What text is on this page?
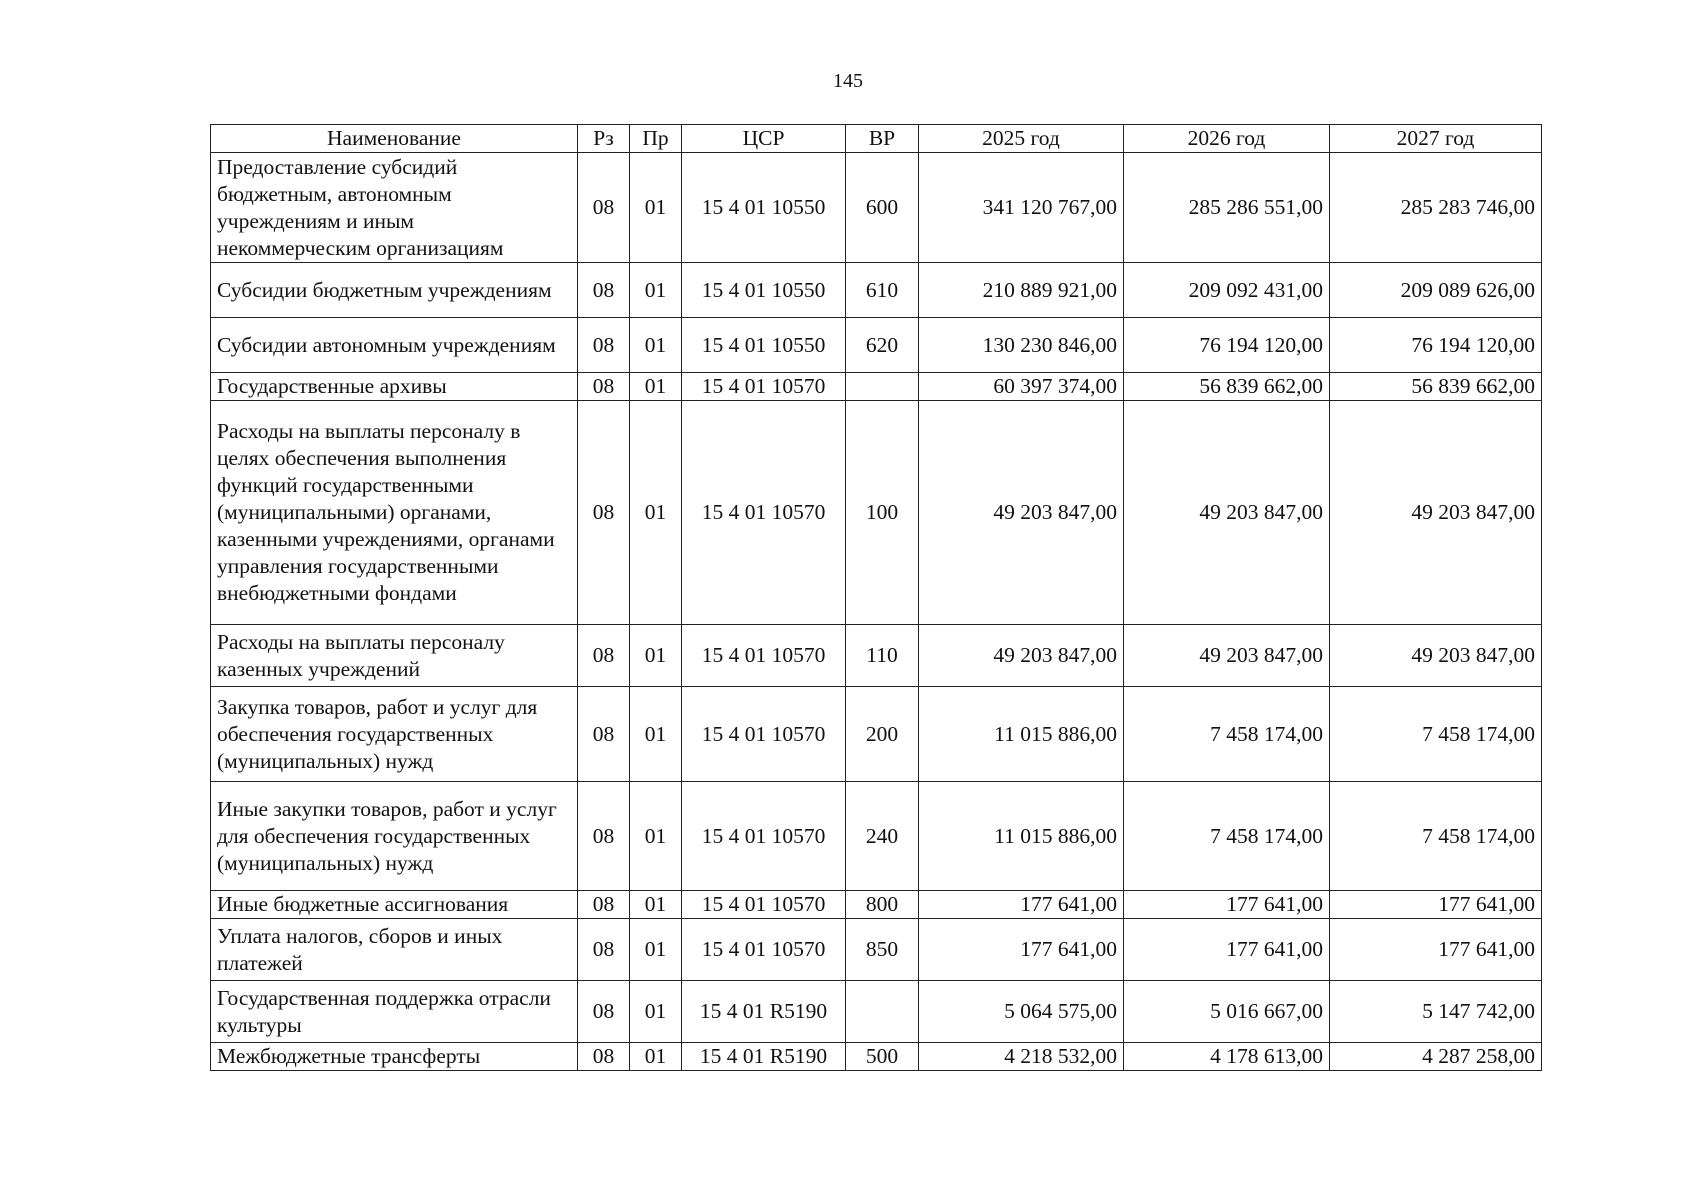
145
Наименование	Рз	Пр	ЦСР	ВР	2025 год	2026 год	2027 год
Предоставление субсидий бюджетным, автономным учреждениям и иным некоммерческим организациям	08	01	15 4 01 10550	600	341 120 767,00	285 286 551,00	285 283 746,00
Субсидии бюджетным учреждениям	08	01	15 4 01 10550	610	210 889 921,00	209 092 431,00	209 089 626,00
Субсидии автономным учреждениям	08	01	15 4 01 10550	620	130 230 846,00	76 194 120,00	76 194 120,00
Государственные архивы	08	01	15 4 01 10570		60 397 374,00	56 839 662,00	56 839 662,00
Расходы на выплаты персоналу в целях обеспечения выполнения функций государственными (муниципальными) органами, казенными учреждениями, органами управления государственными внебюджетными фондами	08	01	15 4 01 10570	100	49 203 847,00	49 203 847,00	49 203 847,00
Расходы на выплаты персоналу казенных учреждений	08	01	15 4 01 10570	110	49 203 847,00	49 203 847,00	49 203 847,00
Закупка товаров, работ и услуг для обеспечения государственных (муниципальных) нужд	08	01	15 4 01 10570	200	11 015 886,00	7 458 174,00	7 458 174,00
Иные закупки товаров, работ и услуг для обеспечения государственных (муниципальных) нужд	08	01	15 4 01 10570	240	11 015 886,00	7 458 174,00	7 458 174,00
Иные бюджетные ассигнования	08	01	15 4 01 10570	800	177 641,00	177 641,00	177 641,00
Уплата налогов, сборов и иных платежей	08	01	15 4 01 10570	850	177 641,00	177 641,00	177 641,00
Государственная поддержка отрасли культуры	08	01	15 4 01 R5190		5 064 575,00	5 016 667,00	5 147 742,00
Межбюджетные трансферты	08	01	15 4 01 R5190	500	4 218 532,00	4 178 613,00	4 287 258,00
